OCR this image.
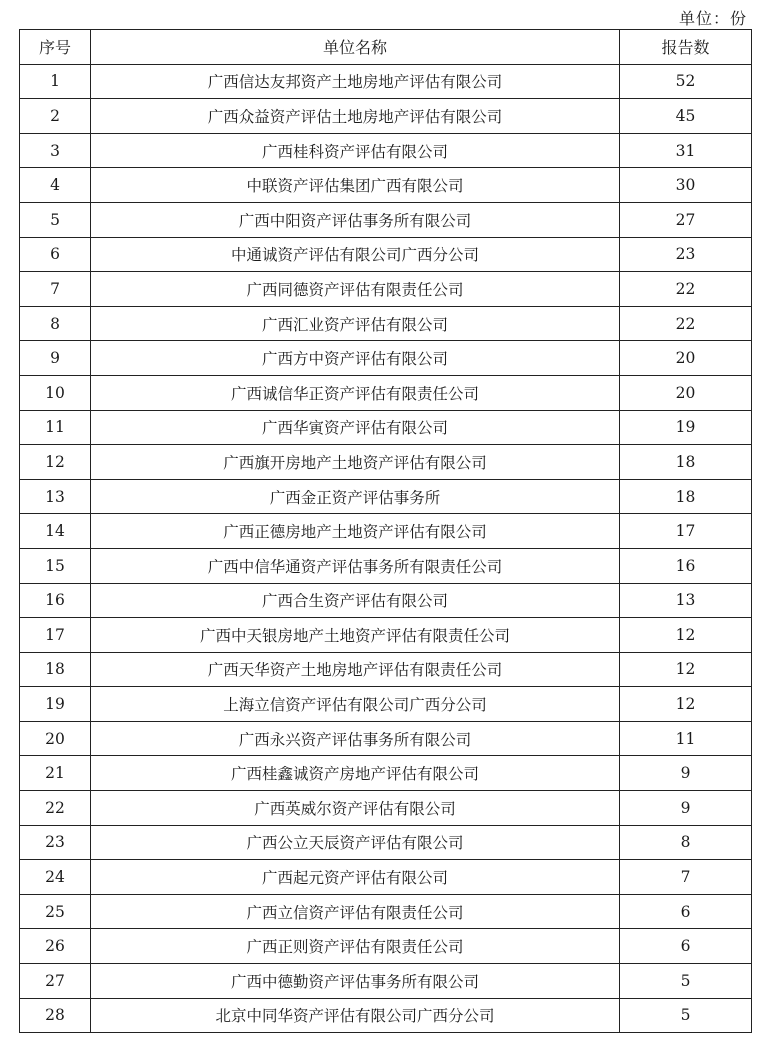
单位：份
序号	单位名称	报告数
1	广西信达友邦资产土地房地产评估有限公司	52
2	广西众益资产评估土地房地产评估有限公司	45
3	广西桂科资产评估有限公司	31
4	中联资产评估集团广西有限公司	30
5	广西中阳资产评估事务所有限公司	27
6	中通诚资产评估有限公司广西分公司	23
7	广西同德资产评估有限责任公司	22
8	广西汇业资产评估有限公司	22
9	广西方中资产评估有限公司	20
10	广西诚信华正资产评估有限责任公司	20
11	广西华寅资产评估有限公司	19
12	广西旗开房地产土地资产评估有限公司	18
13	广西金正资产评估事务所	18
14	广西正德房地产土地资产评估有限公司	17
15	广西中信华通资产评估事务所有限责任公司	16
16	广西合生资产评估有限公司	13
17	广西中天银房地产土地资产评估有限责任公司	12
18	广西天华资产土地房地产评估有限责任公司	12
19	上海立信资产评估有限公司广西分公司	12
20	广西永兴资产评估事务所有限公司	11
21	广西桂鑫诚资产房地产评估有限公司	9
22	广西英威尔资产评估有限公司	9
23	广西公立天辰资产评估有限公司	8
24	广西起元资产评估有限公司	7
25	广西立信资产评估有限责任公司	6
26	广西正则资产评估有限责任公司	6
27	广西中德勤资产评估事务所有限公司	5
28	北京中同华资产评估有限公司广西分公司	5
